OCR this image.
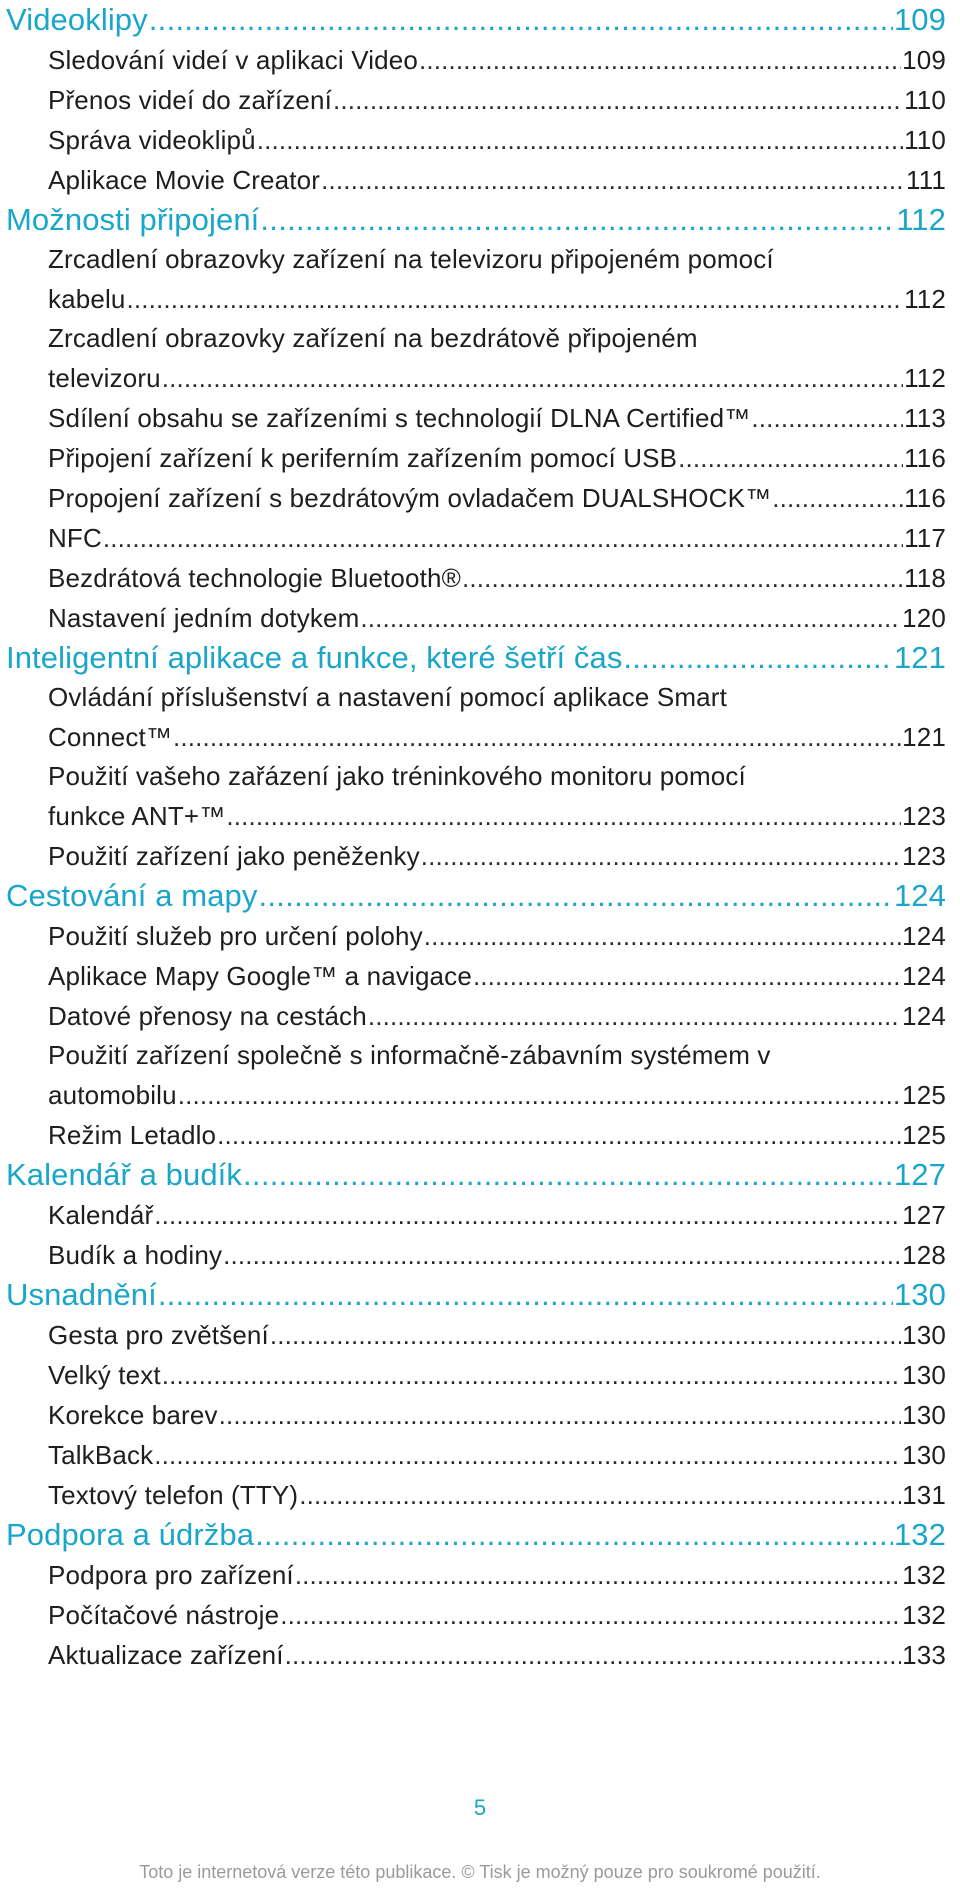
Videoklipy .....	109
Sledování videí v aplikaci Video .....	109
Přenos videí do zařízení .....	110
Správa videoklipů .....	110
Aplikace Movie Creator .....	111
Možnosti připojení .....	112
Zrcadlení obrazovky zařízení na televizoru připojeném pomocí
kabelu .....	112
Zrcadlení obrazovky zařízení na bezdrátově připojeném
televizoru .....	112
Sdílení obsahu se zařízeními s technologií DLNA Certified™ .....	113
Připojení zařízení k periferním zařízením pomocí USB .....	116
Propojení zařízení s bezdrátovým ovladačem DUALSHOCK™ .....	116
NFC .....	117
Bezdrátová technologie Bluetooth® .....	118
Nastavení jedním dotykem .....	120
Inteligentní aplikace a funkce, které šetří čas .....	121
Ovládání příslušenství a nastavení pomocí aplikace Smart
Connect™ .....	121
Použití vašeho zařázení jako tréninkového monitoru pomocí
funkce ANT+™ .....	123
Použití zařízení jako peněženky .....	123
Cestování a mapy .....	124
Použití služeb pro určení polohy .....	124
Aplikace Mapy Google™ a navigace .....	124
Datové přenosy na cestách .....	124
Použití zařízení společně s informačně-zábavním systémem v
automobilu .....	125
Režim Letadlo .....	125
Kalendář a budík .....	127
Kalendář .....	127
Budík a hodiny .....	128
Usnadnění .....	130
Gesta pro zvětšení .....	130
Velký text .....	130
Korekce barev .....	130
TalkBack .....	130
Textový telefon (TTY) .....	131
Podpora a údržba .....	132
Podpora pro zařízení .....	132
Počítačové nástroje .....	132
Aktualizace zařízení .....	133
5
Toto je internetová verze této publikace. © Tisk je možný pouze pro soukromé použití.
